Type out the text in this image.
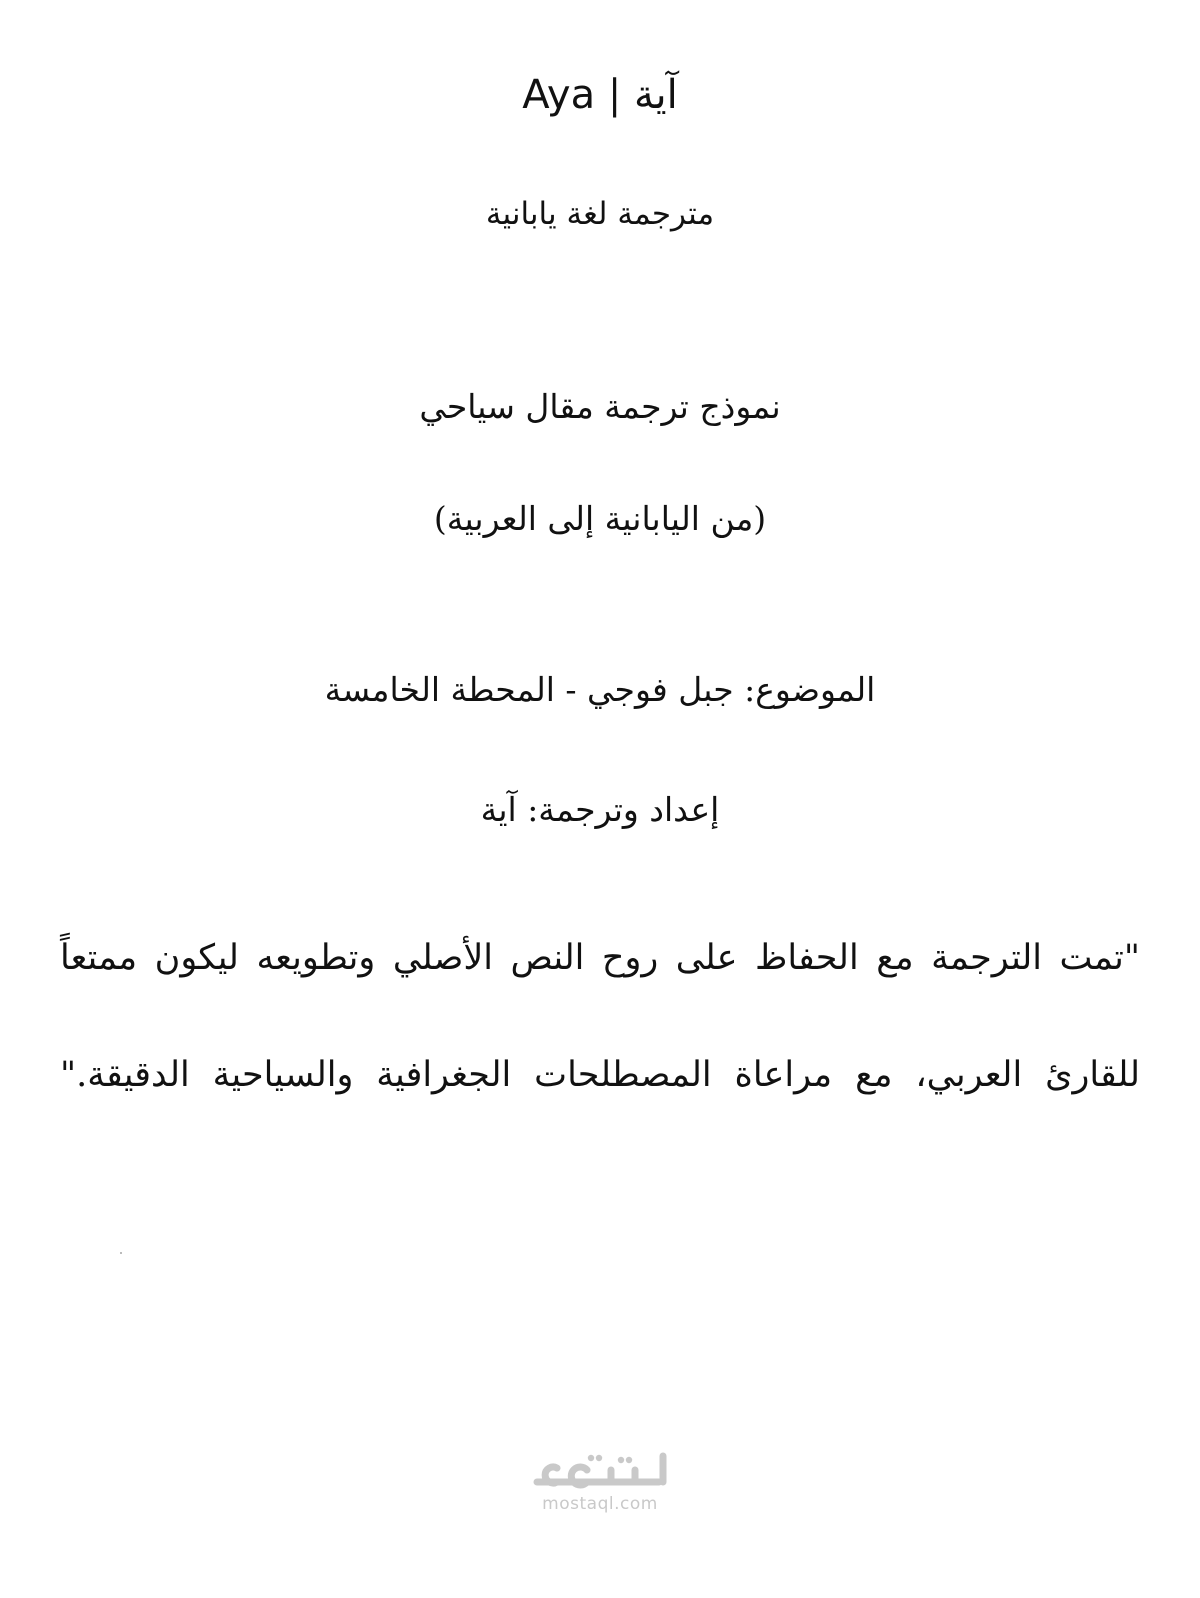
آية | Aya
مترجمة لغة يابانية
نموذج ترجمة مقال سياحي
(من اليابانية إلى العربية)
الموضوع: جبل فوجي - المحطة الخامسة
إعداد وترجمة: آية
"تمت الترجمة مع الحفاظ على روح النص الأصلي وتطويعه ليكون ممتعاً
للقارئ العربي، مع مراعاة المصطلحات الجغرافية والسياحية الدقيقة."
mostaql.com
